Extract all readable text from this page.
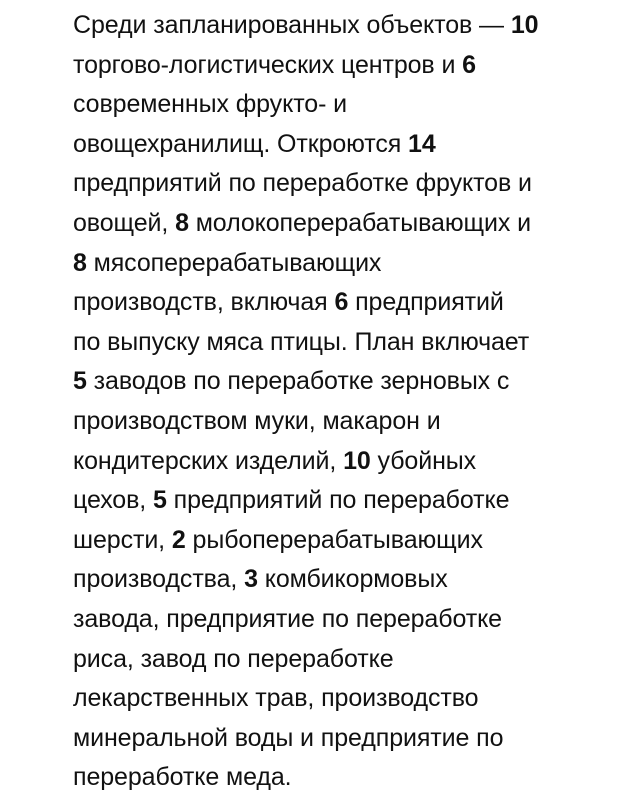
Среди запланированных объектов — 10
торгово-логистических центров и 6
современных фрукто- и
овощехранилищ. Откроются 14
предприятий по переработке фруктов и
овощей, 8 молокоперерабатывающих и
8 мясоперерабатывающих
производств, включая 6 предприятий
по выпуску мяса птицы. План включает
5 заводов по переработке зерновых с
производством муки, макарон и
кондитерских изделий, 10 убойных
цехов, 5 предприятий по переработке
шерсти, 2 рыбоперерабатывающих
производства, 3 комбикормовых
завода, предприятие по переработке
риса, завод по переработке
лекарственных трав, производство
минеральной воды и предприятие по
переработке меда.
